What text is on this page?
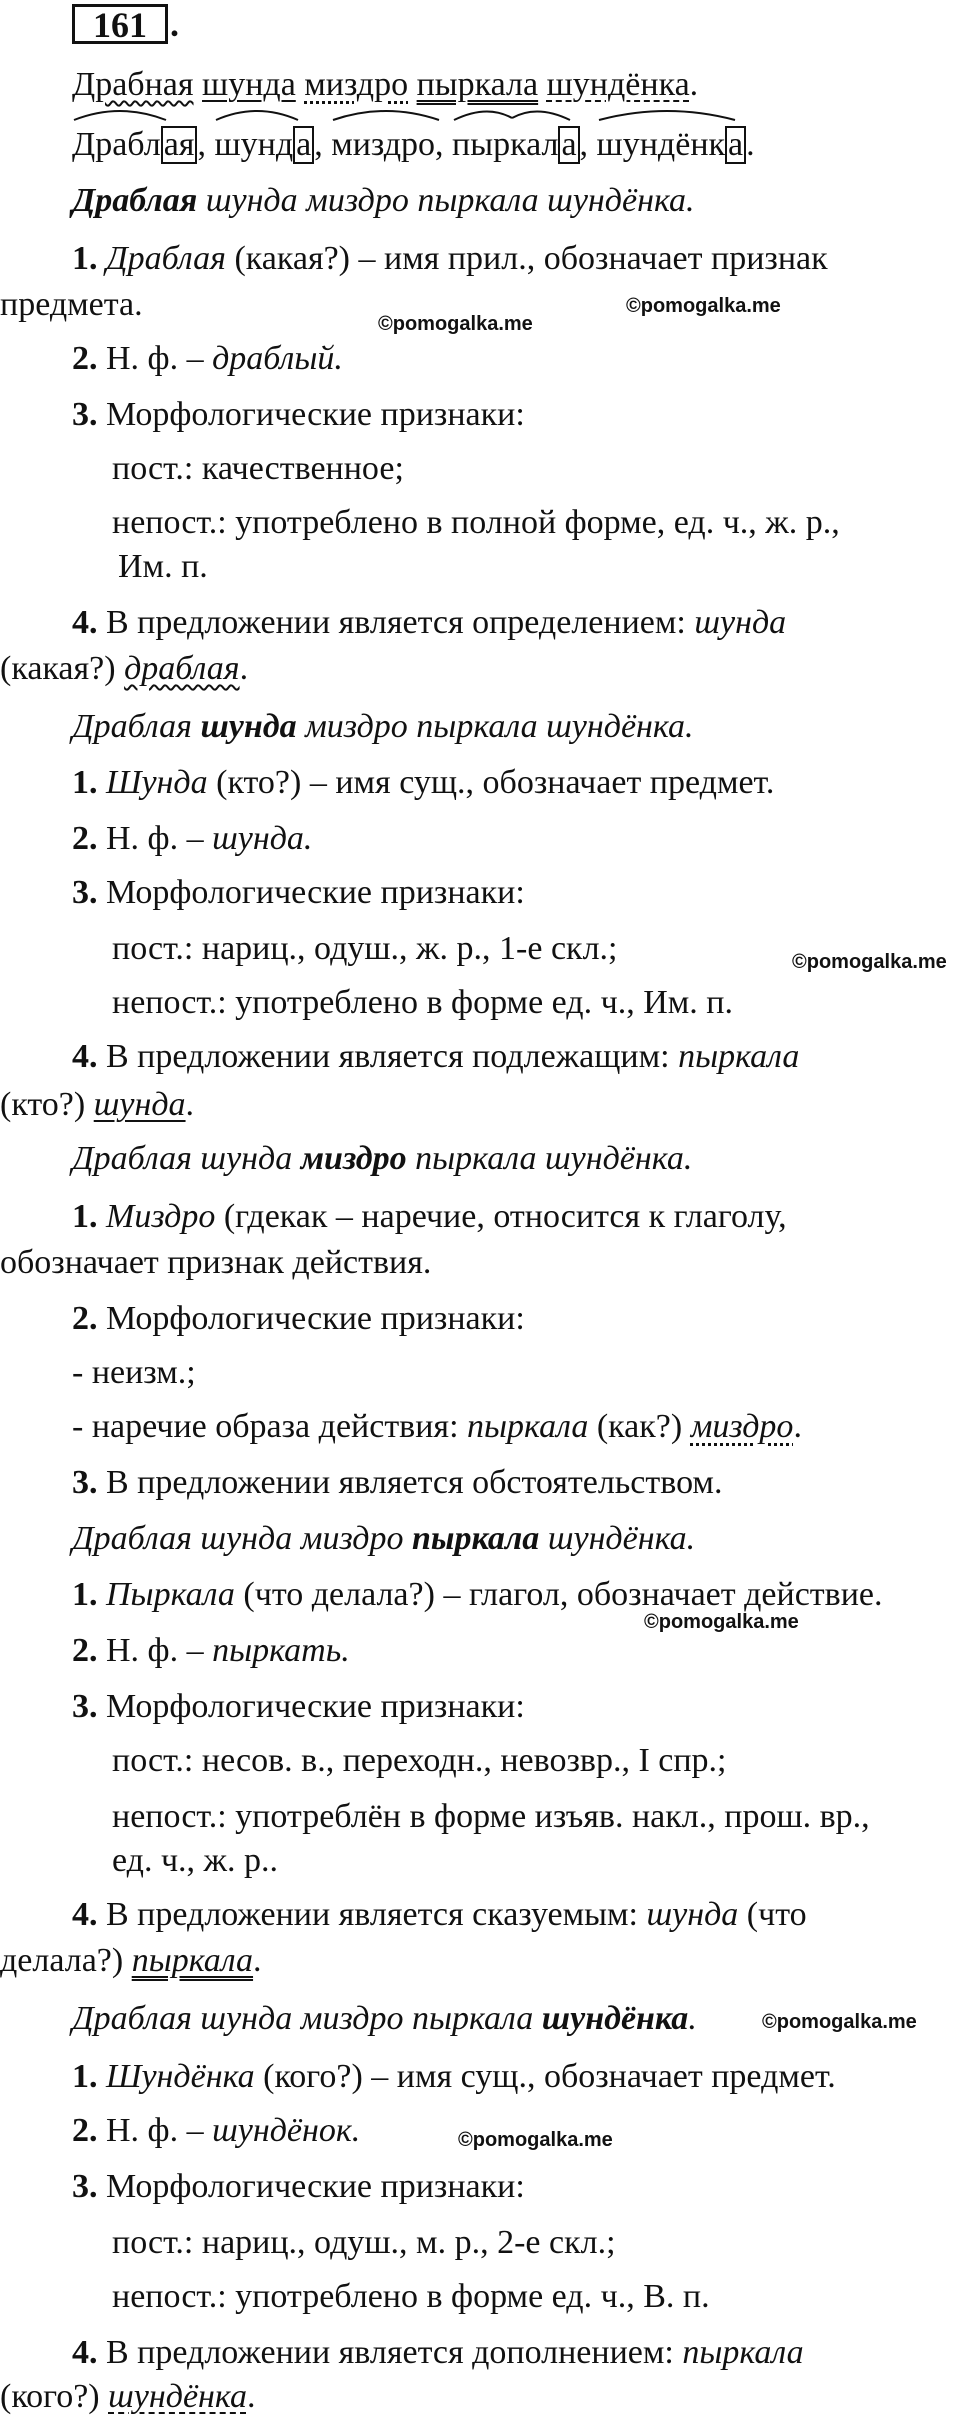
161 .
Драбная шунда миздро пыркала шундёнка.
Драблая, шунда, миздро, пыркала, шундёнка.
Драблая шунда миздро пыркала шундёнка.
1. Драблая (какая?) – имя прил., обозначает признак
предмета.
2. Н. ф. – драблый.
3. Морфологические признаки:
пост.: качественное;
непост.: употреблено в полной форме, ед. ч., ж. р.,
Им. п.
4. В предложении является определением: шунда
(какая?) драблая.
Драблая шунда миздро пыркала шундёнка.
1. Шунда (кто?) – имя сущ., обозначает предмет.
2. Н. ф. – шунда.
3. Морфологические признаки:
пост.: нариц., одуш., ж. р., 1-е скл.;
непост.: употреблено в форме ед. ч., Им. п.
4. В предложении является подлежащим: пыркала
(кто?) шунда.
Драблая шунда миздро пыркала шундёнка.
1. Миздро (гдекак – наречие, относится к глаголу,
обозначает признак действия.
2. Морфологические признаки:
- неизм.;
- наречие образа действия: пыркала (как?) миздро.
3. В предложении является обстоятельством.
Драблая шунда миздро пыркала шундёнка.
1. Пыркала (что делала?) – глагол, обозначает действие.
2. Н. ф. – пыркать.
3. Морфологические признаки:
пост.: несов. в., переходн., невозвр., I спр.;
непост.: употреблён в форме изъяв. накл., прош. вр.,
ед. ч., ж. р..
4. В предложении является сказуемым: шунда (что
делала?) пыркала.
Драблая шунда миздро пыркала шундёнка.
1. Шундёнка (кого?) – имя сущ., обозначает предмет.
2. Н. ф. – шундёнок.
3. Морфологические признаки:
пост.: нариц., одуш., м. р., 2-е скл.;
непост.: употреблено в форме ед. ч., В. п.
4. В предложении является дополнением: пыркала
(кого?) шундёнка.
©pomogalka.me
©pomogalka.me
©pomogalka.me
©pomogalka.me
©pomogalka.me
©pomogalka.me
